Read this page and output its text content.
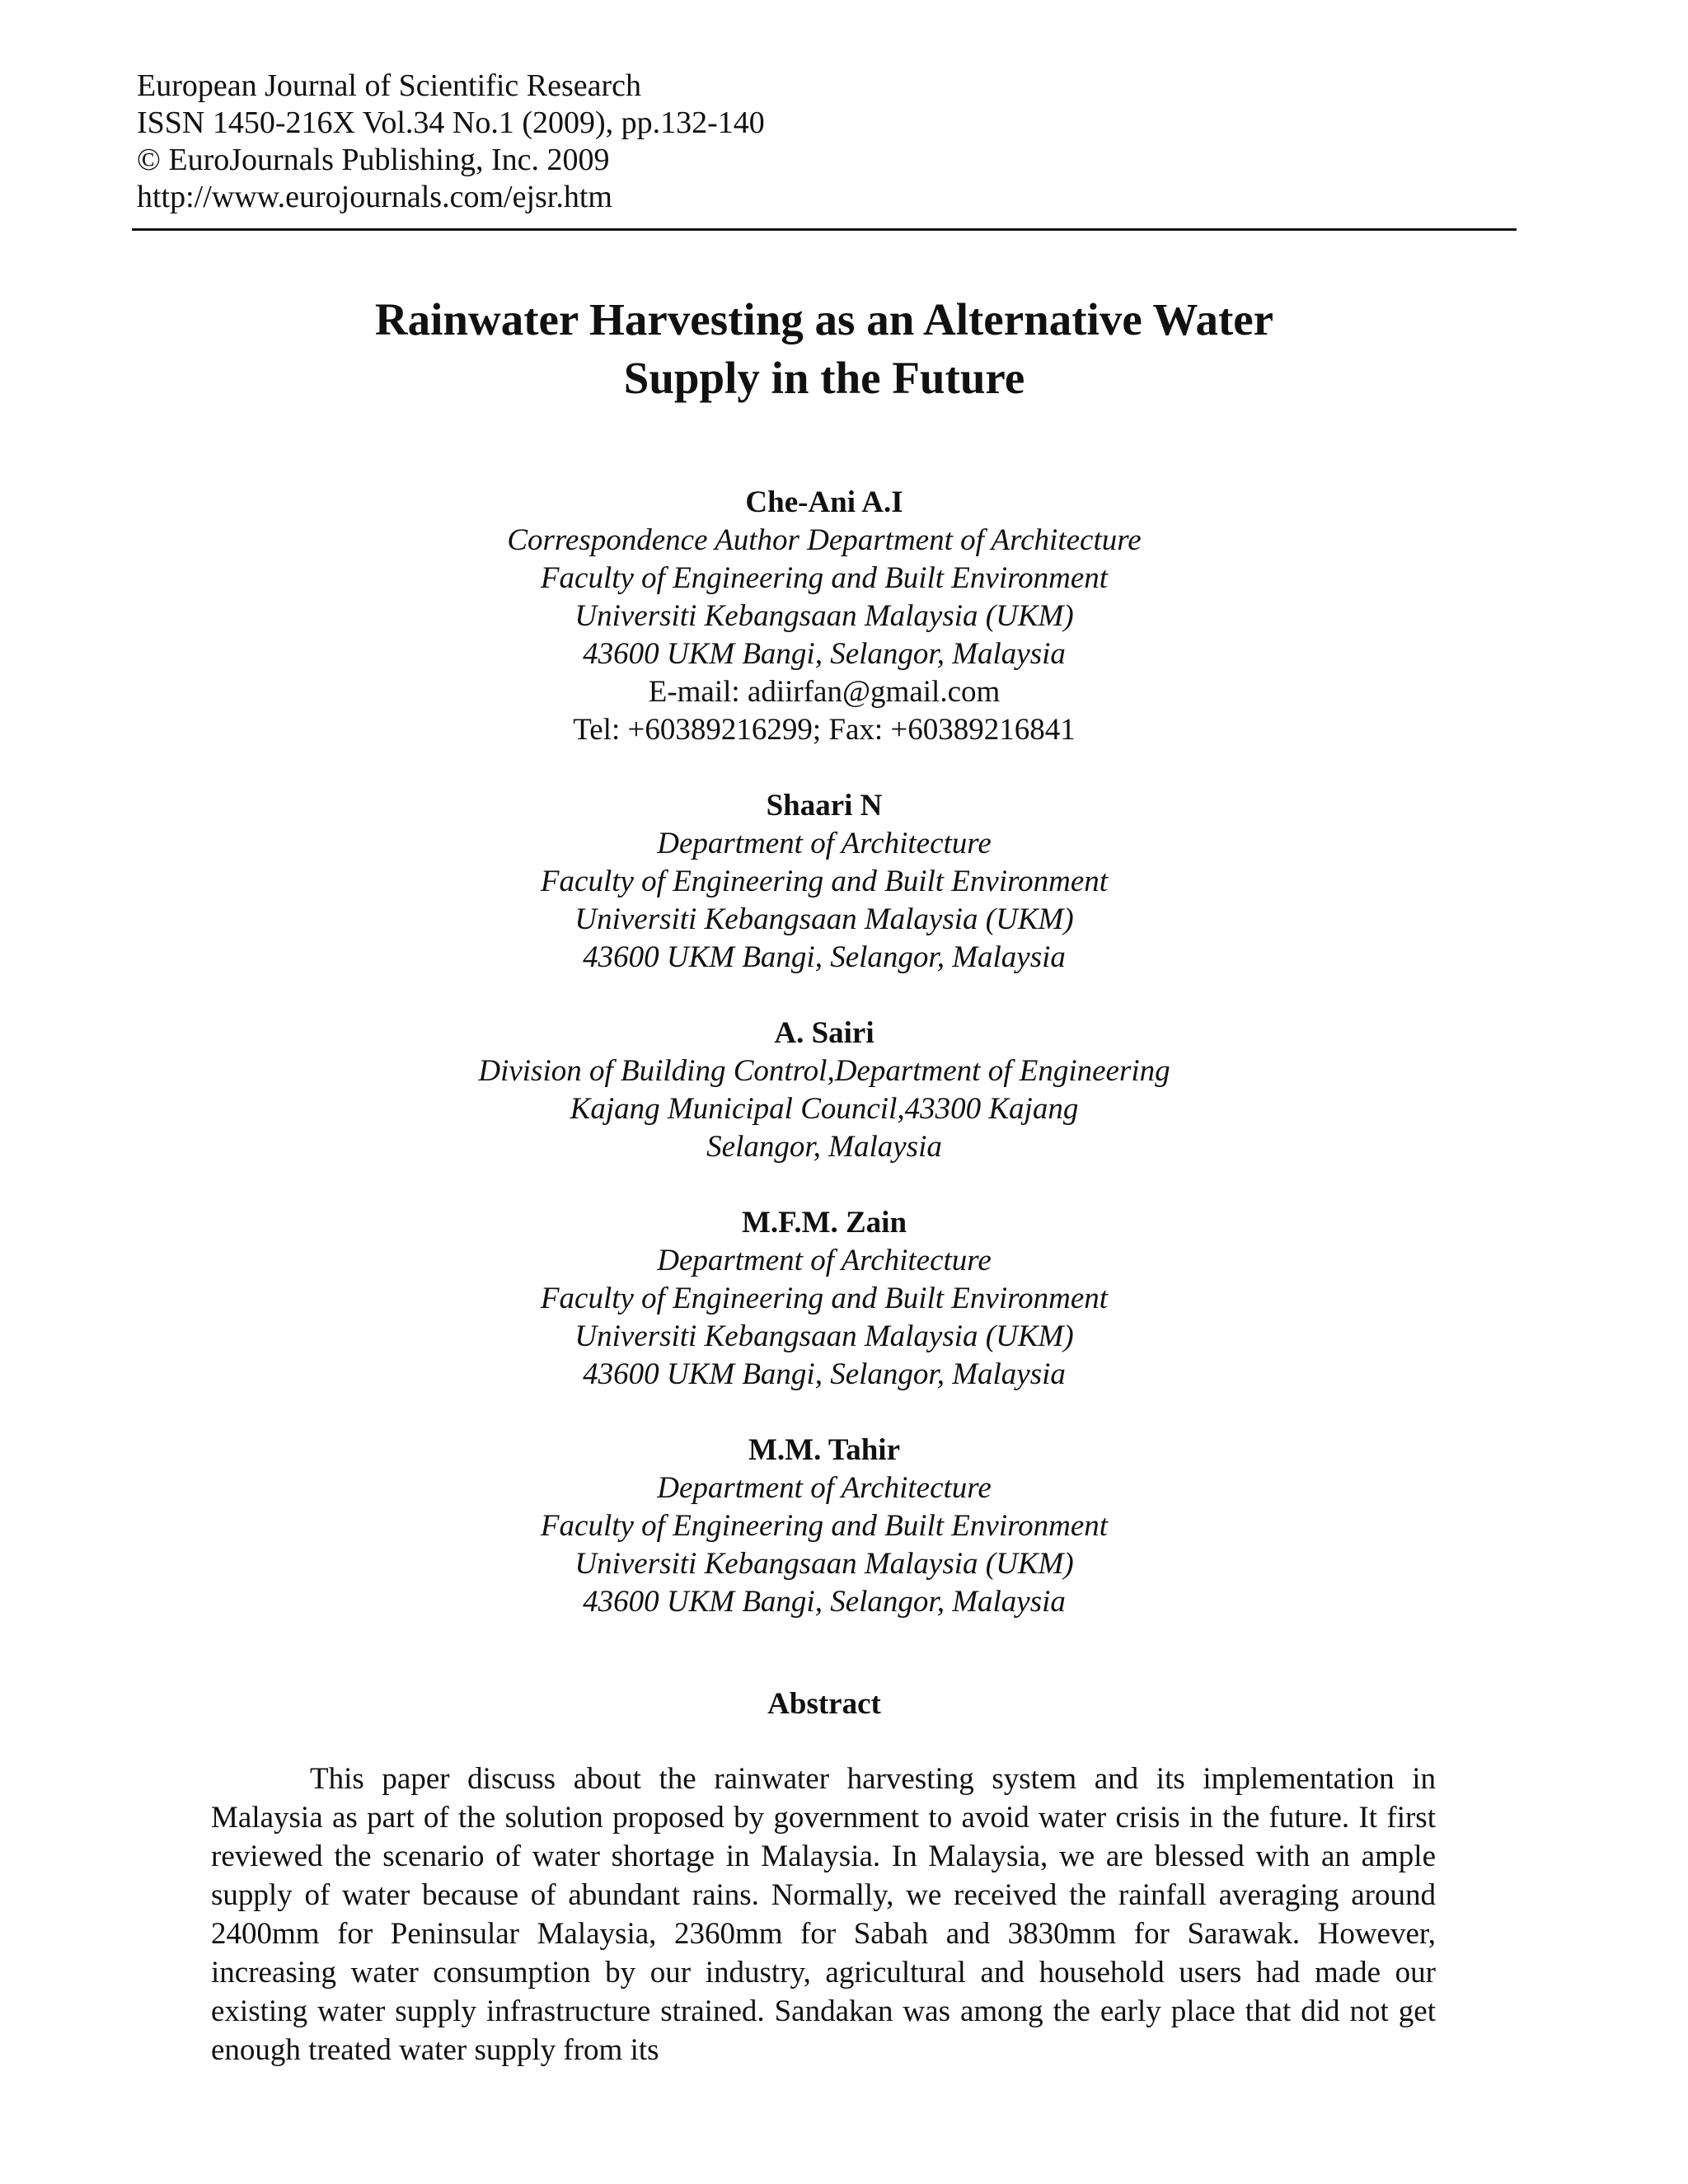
European Journal of Scientific Research
ISSN 1450-216X Vol.34 No.1 (2009), pp.132-140
© EuroJournals Publishing, Inc. 2009
http://www.eurojournals.com/ejsr.htm
Rainwater Harvesting as an Alternative Water
Supply in the Future
Che-Ani A.I
Correspondence Author Department of Architecture
Faculty of Engineering and Built Environment
Universiti Kebangsaan Malaysia (UKM)
43600 UKM Bangi, Selangor, Malaysia
E-mail: adiirfan@gmail.com
Tel: +60389216299; Fax: +60389216841
Shaari N
Department of Architecture
Faculty of Engineering and Built Environment
Universiti Kebangsaan Malaysia (UKM)
43600 UKM Bangi, Selangor, Malaysia
A. Sairi
Division of Building Control,Department of Engineering
Kajang Municipal Council,43300 Kajang
Selangor, Malaysia
M.F.M. Zain
Department of Architecture
Faculty of Engineering and Built Environment
Universiti Kebangsaan Malaysia (UKM)
43600 UKM Bangi, Selangor, Malaysia
M.M. Tahir
Department of Architecture
Faculty of Engineering and Built Environment
Universiti Kebangsaan Malaysia (UKM)
43600 UKM Bangi, Selangor, Malaysia
Abstract

This paper discuss about the rainwater harvesting system and its implementation in Malaysia as part of the solution proposed by government to avoid water crisis in the future. It first reviewed the scenario of water shortage in Malaysia. In Malaysia, we are blessed with an ample supply of water because of abundant rains. Normally, we received the rainfall averaging around 2400mm for Peninsular Malaysia, 2360mm for Sabah and 3830mm for Sarawak. However, increasing water consumption by our industry, agricultural and household users had made our existing water supply infrastructure strained. Sandakan was among the early place that did not get enough treated water supply from its
